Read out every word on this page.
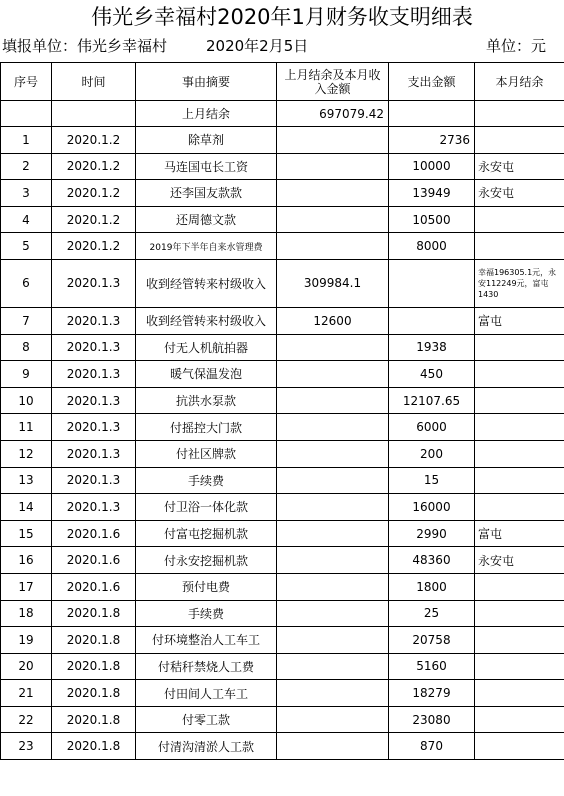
伟光乡幸福村2020年1月财务收支明细表
填报单位：伟光乡幸福村	2020年2月5日	单位：元
序号	时间	事由摘要	上月结余及本月收入金额	支出金额	本月结余
		上月结余	697079.42		
1	2020.1.2	除草剂		2736	
2	2020.1.2	马连国屯长工资		10000	永安屯
3	2020.1.2	还李国友款款		13949	永安屯
4	2020.1.2	还周德文款		10500	
5	2020.1.2	2019年下半年自来水管理费		8000	
6	2020.1.3	收到经管转来村级收入	309984.1		幸福196305.1元，永安112249元，富屯1430
7	2020.1.3	收到经管转来村级收入	12600		富屯
8	2020.1.3	付无人机航拍器		1938	
9	2020.1.3	暖气保温发泡		450	
10	2020.1.3	抗洪水泵款		12107.65	
11	2020.1.3	付摇控大门款		6000	
12	2020.1.3	付社区牌款		200	
13	2020.1.3	手续费		15	
14	2020.1.3	付卫浴一体化款		16000	
15	2020.1.6	付富屯挖掘机款		2990	富屯
16	2020.1.6	付永安挖掘机款		48360	永安屯
17	2020.1.6	预付电费		1800	
18	2020.1.8	手续费		25	
19	2020.1.8	付环境整治人工车工		20758	
20	2020.1.8	付秸秆禁烧人工费		5160	
21	2020.1.8	付田间人工车工		18279	
22	2020.1.8	付零工款		23080	
23	2020.1.8	付清沟清淤人工款		870	
